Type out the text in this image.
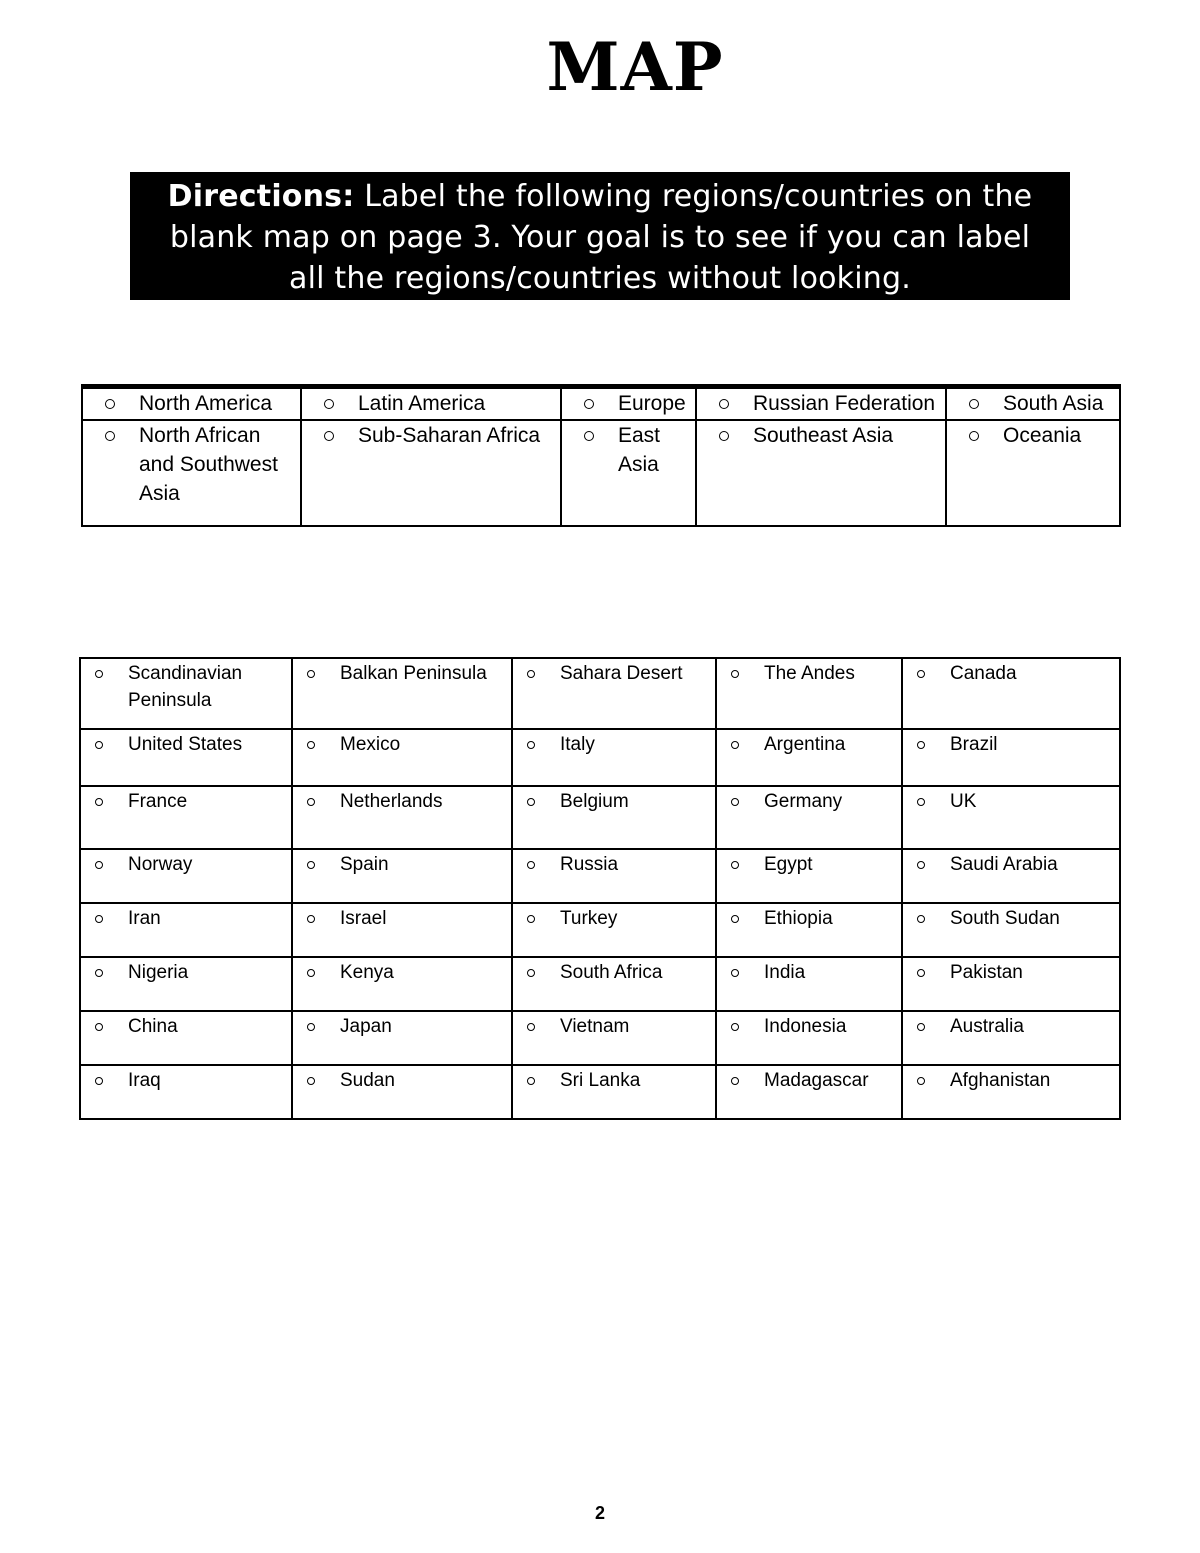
MAP
Directions: Label the following regions/countries on the blank map on page 3. Your goal is to see if you can label all the regions/countries without looking.
North America	Latin America	Europe	Russian Federation	South Asia

North African and Southwest Asia	Sub-Saharan Africa	East Asia	Southeast Asia	Oceania
Scandinavian Peninsula	Balkan Peninsula	Sahara Desert	The Andes	Canada

United States	Mexico	Italy	Argentina	Brazil

France	Netherlands	Belgium	Germany	UK

Norway	Spain	Russia	Egypt	Saudi Arabia

Iran	Israel	Turkey	Ethiopia	South Sudan

Nigeria	Kenya	South Africa	India	Pakistan

China	Japan	Vietnam	Indonesia	Australia

Iraq	Sudan	Sri Lanka	Madagascar	Afghanistan
2
